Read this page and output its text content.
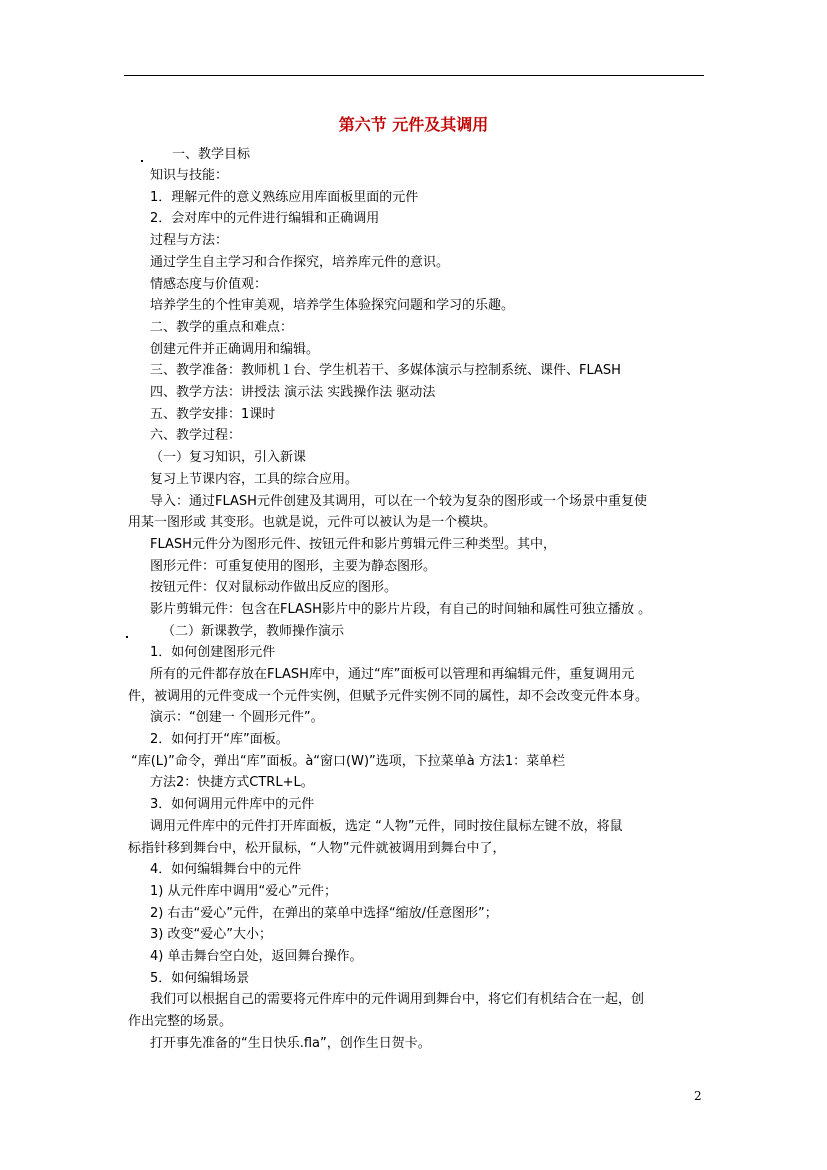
第六节 元件及其调用
一、教学目标
知识与技能：
1．理解元件的意义熟练应用库面板里面的元件
2．会对库中的元件进行编辑和正确调用
过程与方法：
通过学生自主学习和合作探究，培养库元件的意识。
情感态度与价值观：
培养学生的个性审美观，培养学生体验探究问题和学习的乐趣。
二、教学的重点和难点：
创建元件并正确调用和编辑。
三、教学准备：教师机１台、学生机若干、多媒体演示与控制系统、课件、FLASH
四、教学方法：讲授法 演示法 实践操作法 驱动法
五、教学安排：1课时
六、教学过程：
（一）复习知识，引入新课
复习上节课内容，工具的综合应用。
导入：通过FLASH元件创建及其调用，可以在一个较为复杂的图形或一个场景中重复使
用某一图形或 其变形。也就是说，元件可以被认为是一个模块。
FLASH元件分为图形元件、按钮元件和影片剪辑元件三种类型。其中，
图形元件：可重复使用的图形，主要为静态图形。
按钮元件：仅对鼠标动作做出反应的图形。
影片剪辑元件：包含在FLASH影片中的影片片段，有自己的时间轴和属性可独立播放 。
（二）新课教学，教师操作演示
1．如何创建图形元件
所有的元件都存放在FLASH库中，通过“库”面板可以管理和再编辑元件，重复调用元
件，被调用的元件变成一个元件实例，但赋予元件实例不同的属性，却不会改变元件本身。
演示：“创建一 个圆形元件”。
2．如何打开“库”面板。
“库(L)”命令，弹出“库”面板。à“窗口(W)”选项，下拉菜单à 方法1：菜单栏
方法2：快捷方式CTRL+L。
3．如何调用元件库中的元件
调用元件库中的元件打开库面板，选定 “人物”元件，同时按住鼠标左键不放，将鼠
标指针移到舞台中，松开鼠标，“人物”元件就被调用到舞台中了，
4．如何编辑舞台中的元件
1) 从元件库中调用“爱心”元件；
2) 右击“爱心”元件，在弹出的菜单中选择“缩放/任意图形”；
3) 改变“爱心”大小；
4) 单击舞台空白处，返回舞台操作。
5．如何编辑场景
我们可以根据自己的需要将元件库中的元件调用到舞台中，将它们有机结合在一起，创
作出完整的场景。
打开事先准备的“生日快乐.fla”，创作生日贺卡。
2
